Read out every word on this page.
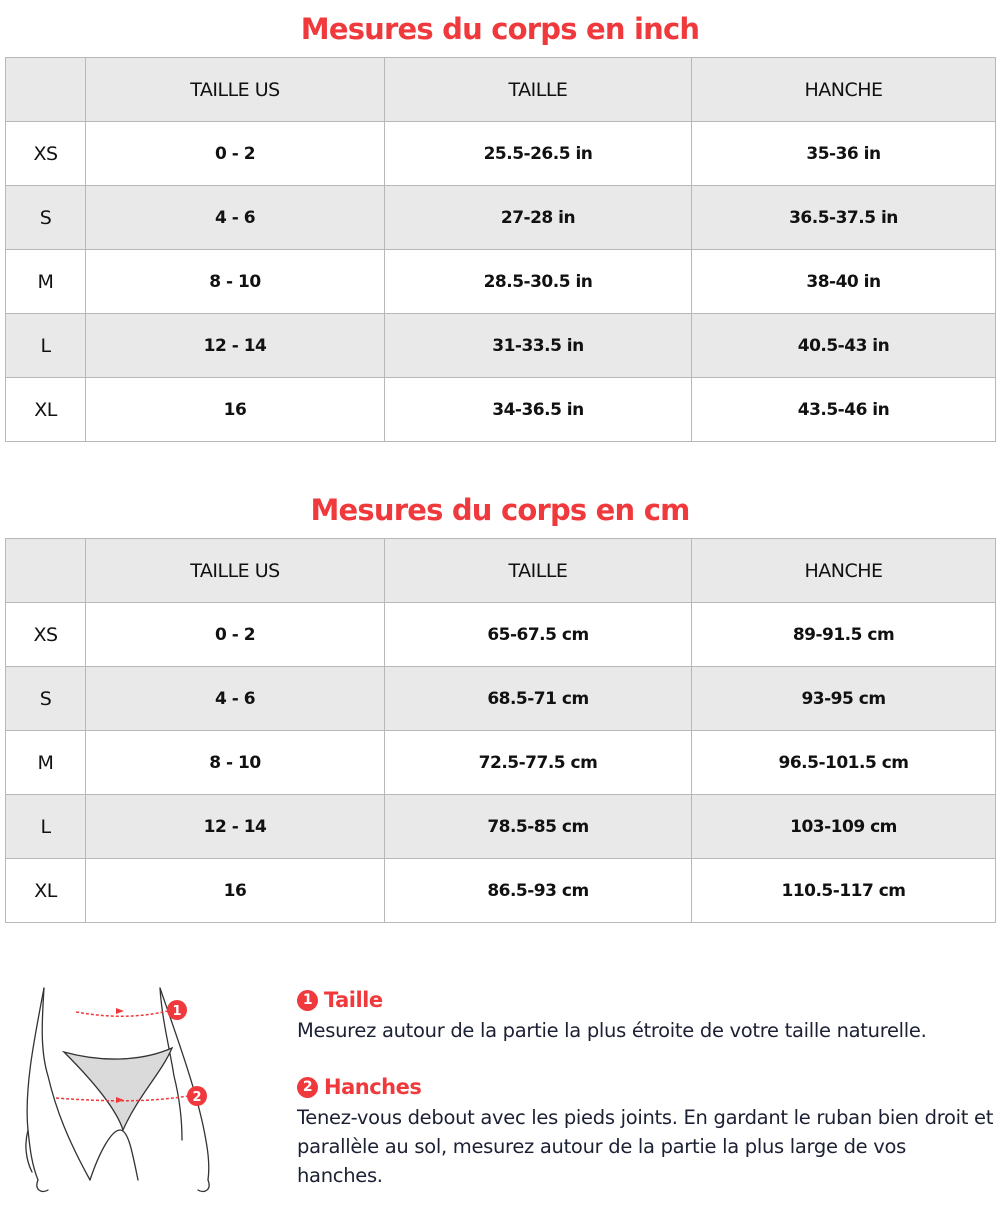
Mesures du corps en inch
	TAILLE US	TAILLE	HANCHE
XS	0 - 2	25.5-26.5 in	35-36 in
S	4 - 6	27-28 in	36.5-37.5 in
M	8 - 10	28.5-30.5 in	38-40 in
L	12 - 14	31-33.5 in	40.5-43 in
XL	16	34-36.5 in	43.5-46 in
Mesures du corps en cm
	TAILLE US	TAILLE	HANCHE
XS	0 - 2	65-67.5 cm	89-91.5 cm
S	4 - 6	68.5-71 cm	93-95 cm
M	8 - 10	72.5-77.5 cm	96.5-101.5 cm
L	12 - 14	78.5-85 cm	103-109 cm
XL	16	86.5-93 cm	110.5-117 cm
1
2
1 Taille
Mesurez autour de la partie la plus étroite de votre taille naturelle.
2 Hanches
Tenez-vous debout avec les pieds joints. En gardant le ruban bien droit et parallèle au sol, mesurez autour de la partie la plus large de vos hanches.
